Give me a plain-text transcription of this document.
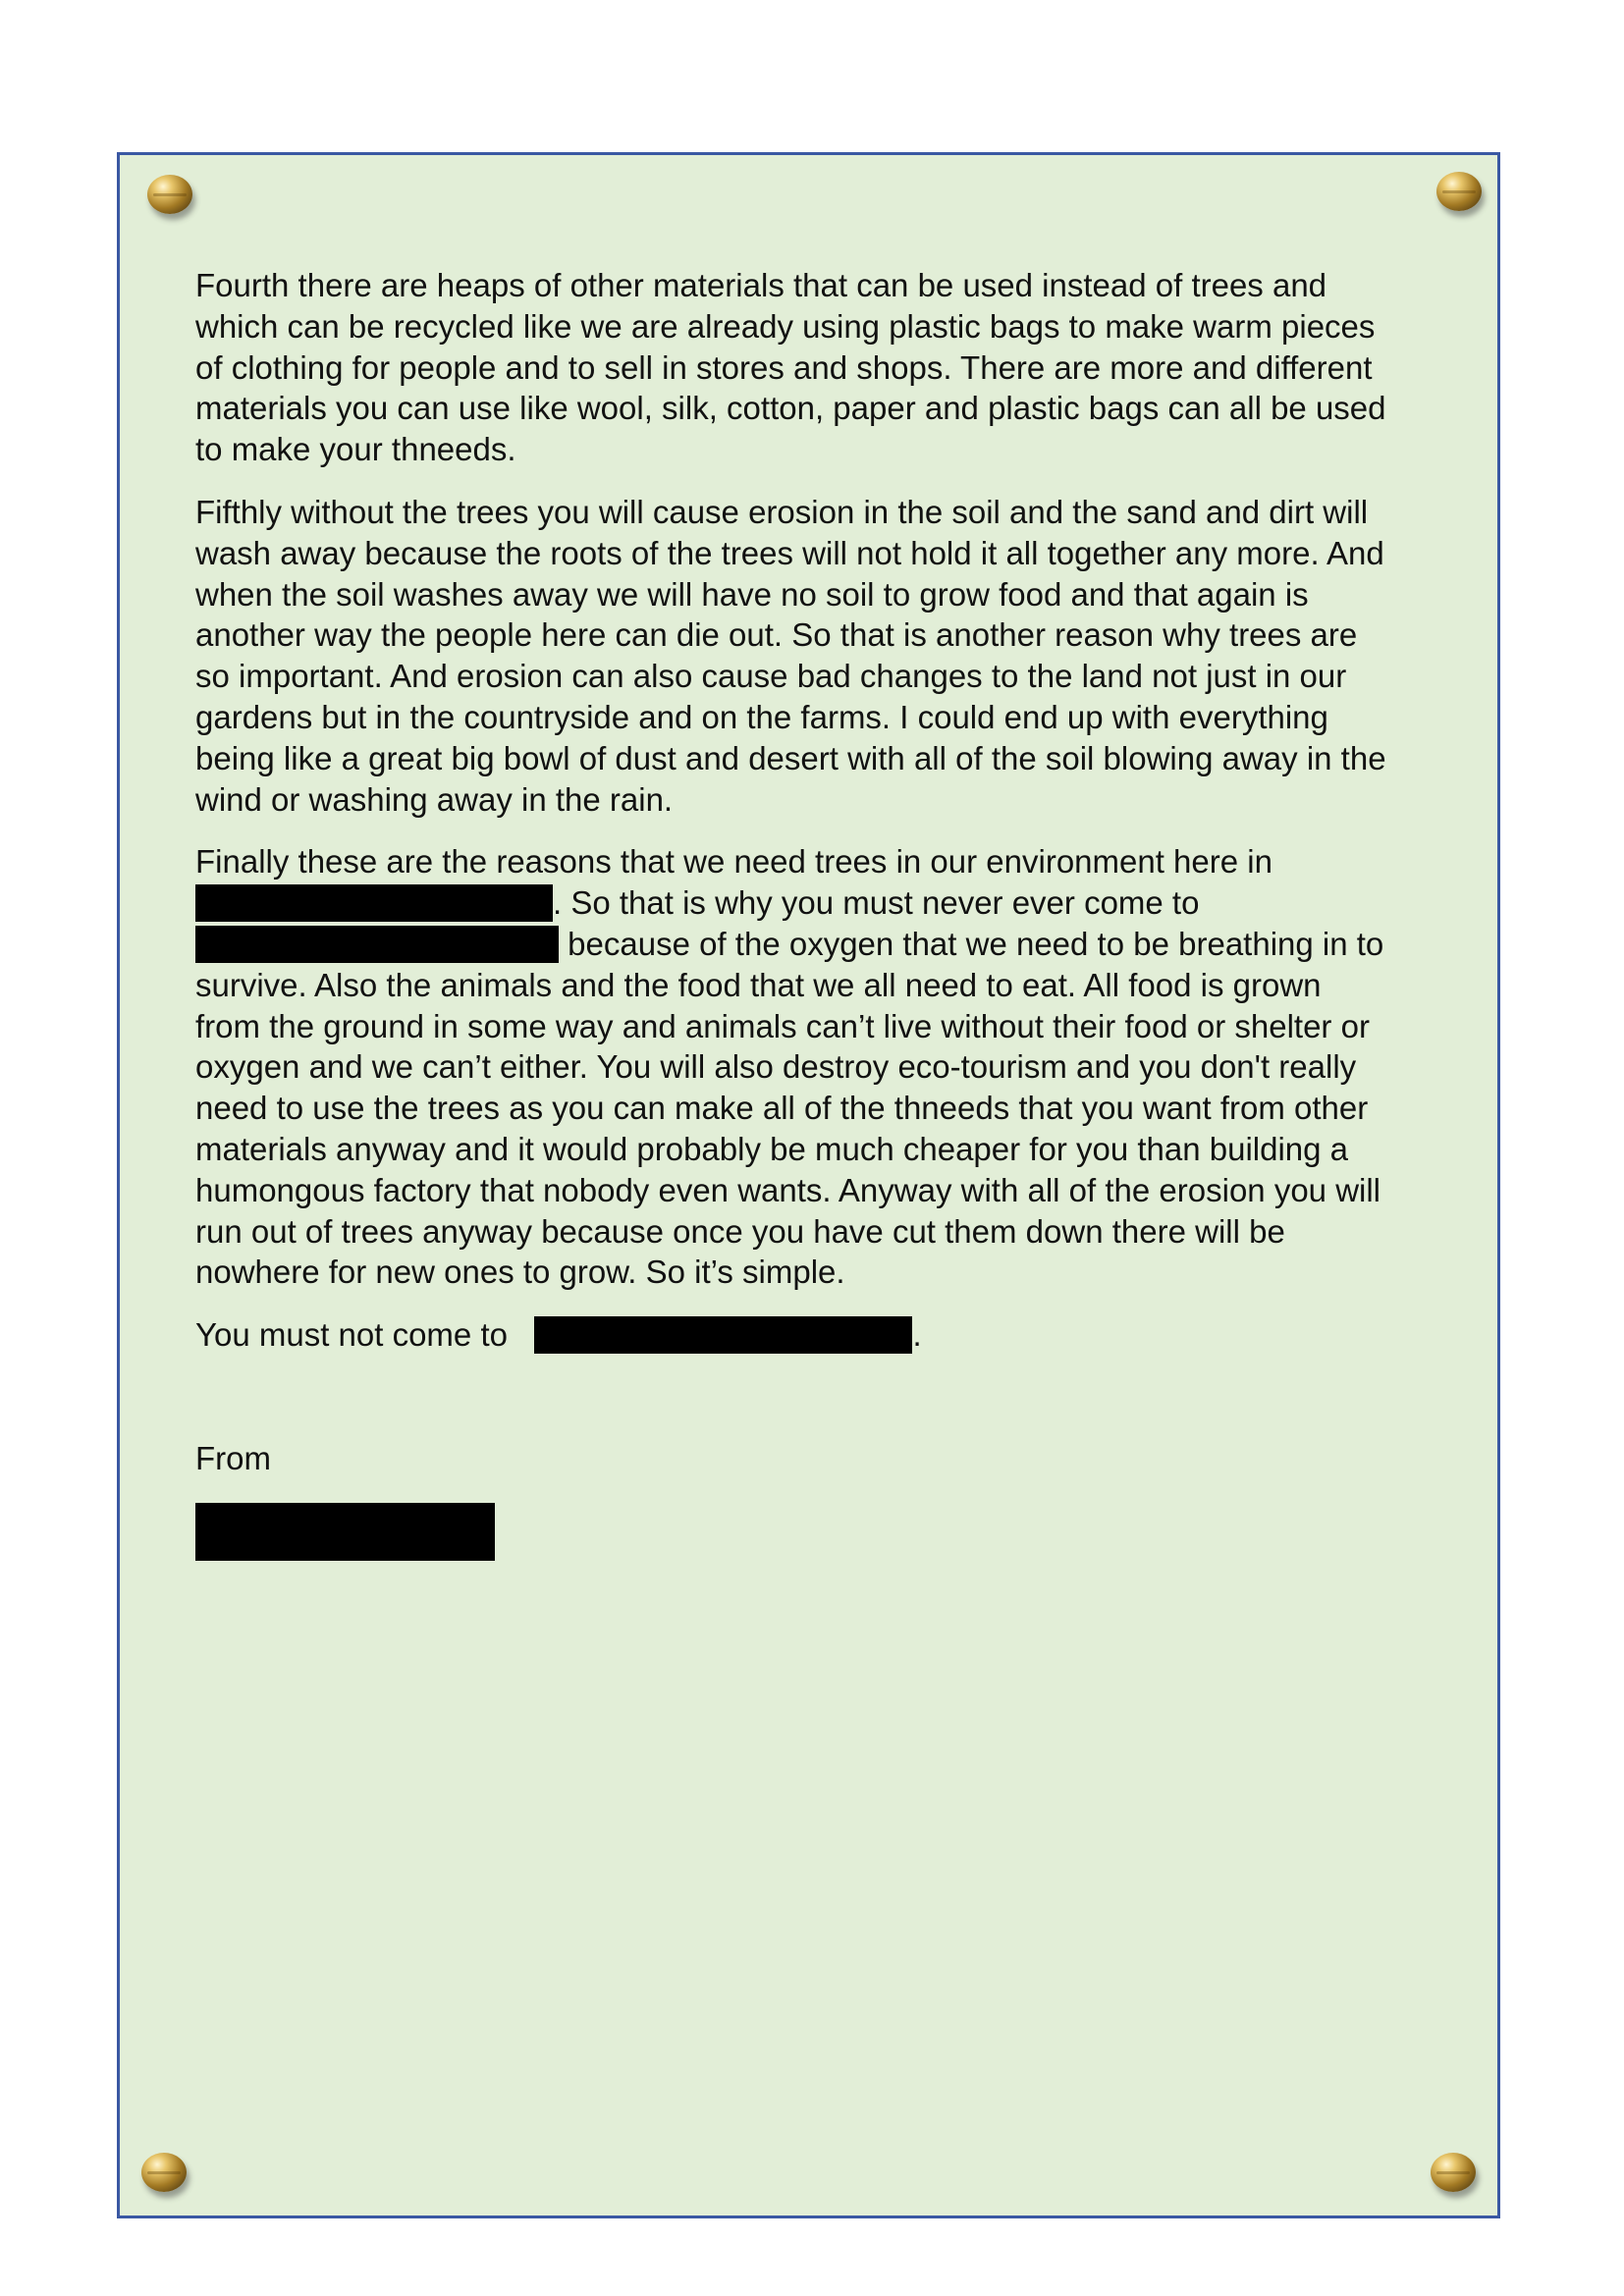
Fourth there are heaps of other materials that can be used instead of trees and which can be recycled like we are already using plastic bags to make warm pieces of clothing for people and to sell in stores and shops. There are more and different materials you can use like wool, silk, cotton, paper and plastic bags can all be used to make your thneeds.

Fifthly without the trees you will cause erosion in the soil and the sand and dirt will wash away because the roots of the trees will not hold it all together any more. And when the soil washes away we will have no soil to grow food and that again is another way the people here can die out. So that is another reason why trees are so important. And erosion can also cause bad changes to the land not just in our gardens but in the countryside and on the farms. I could end up with everything being like a great big bowl of dust and desert with all of the soil blowing away in the wind or washing away in the rain.

Finally these are the reasons that we need trees in our environment here in . So that is why you must never ever come to  because of the oxygen that we need to be breathing in to survive. Also the animals and the food that we all need to eat. All food is grown from the ground in some way and animals can’t live without their food or shelter or oxygen and we can’t either. You will also destroy eco-tourism and you don't really need to use the trees as you can make all of the thneeds that you want from other materials anyway and it would probably be much cheaper for you than building a humongous factory that nobody even wants. Anyway with all of the erosion you will run out of trees anyway because once you have cut them down there will be nowhere for new ones to grow. So it’s simple.

You must not come to	.

From
